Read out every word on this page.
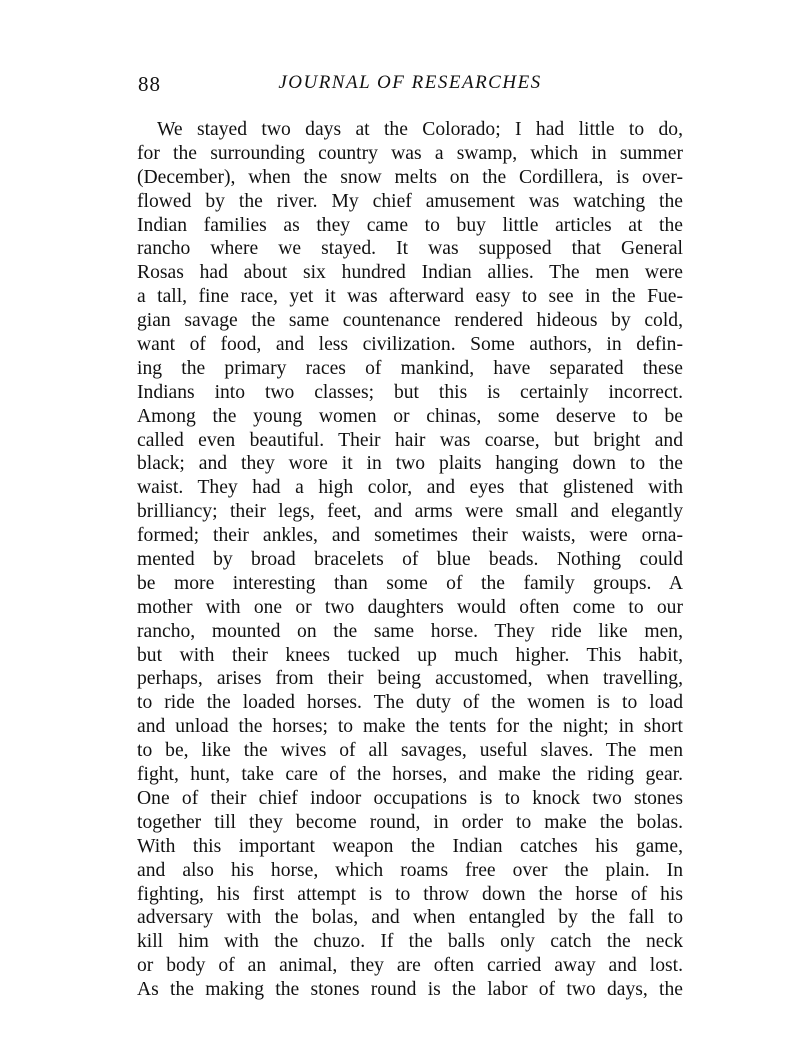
88	JOURNAL OF RESEARCHES
We stayed two days at the Colorado; I had little to do,
for the surrounding country was a swamp, which in summer
(December), when the snow melts on the Cordillera, is over-
flowed by the river. My chief amusement was watching the
Indian families as they came to buy little articles at the
rancho where we stayed. It was supposed that General
Rosas had about six hundred Indian allies. The men were
a tall, fine race, yet it was afterward easy to see in the Fue-
gian savage the same countenance rendered hideous by cold,
want of food, and less civilization. Some authors, in defin-
ing the primary races of mankind, have separated these
Indians into two classes; but this is certainly incorrect.
Among the young women or chinas, some deserve to be
called even beautiful. Their hair was coarse, but bright and
black; and they wore it in two plaits hanging down to the
waist. They had a high color, and eyes that glistened with
brilliancy; their legs, feet, and arms were small and elegantly
formed; their ankles, and sometimes their waists, were orna-
mented by broad bracelets of blue beads. Nothing could
be more interesting than some of the family groups. A
mother with one or two daughters would often come to our
rancho, mounted on the same horse. They ride like men,
but with their knees tucked up much higher. This habit,
perhaps, arises from their being accustomed, when travelling,
to ride the loaded horses. The duty of the women is to load
and unload the horses; to make the tents for the night; in short
to be, like the wives of all savages, useful slaves. The men
fight, hunt, take care of the horses, and make the riding gear.
One of their chief indoor occupations is to knock two stones
together till they become round, in order to make the bolas.
With this important weapon the Indian catches his game,
and also his horse, which roams free over the plain. In
fighting, his first attempt is to throw down the horse of his
adversary with the bolas, and when entangled by the fall to
kill him with the chuzo. If the balls only catch the neck
or body of an animal, they are often carried away and lost.
As the making the stones round is the labor of two days, the
